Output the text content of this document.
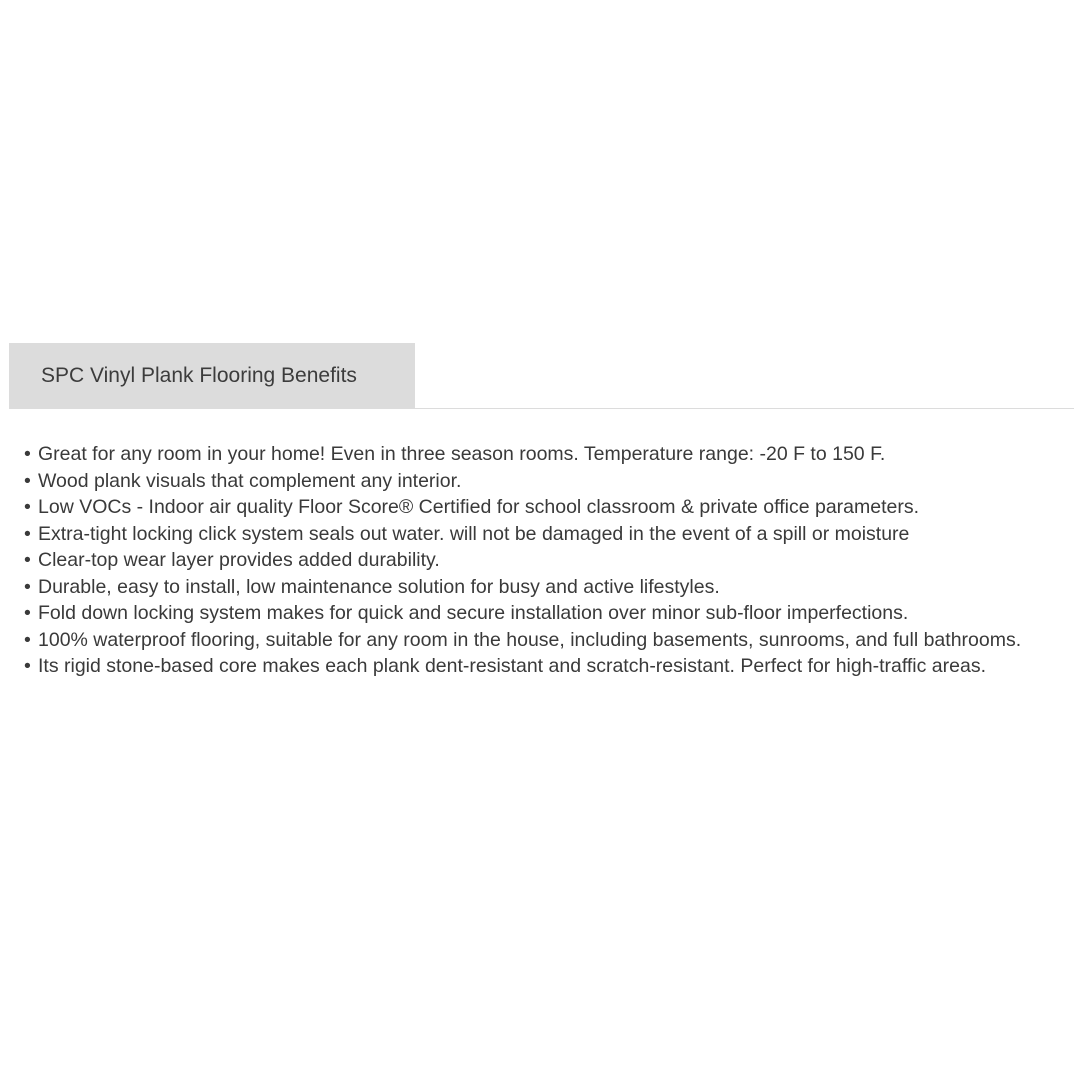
SPC Vinyl Plank Flooring Benefits
• Great for any room in your home! Even in three season rooms. Temperature range: -20 F to 150 F.
• Wood plank visuals that complement any interior.
• Low VOCs - Indoor air quality Floor Score® Certified for school classroom & private office parameters.
• Extra-tight locking click system seals out water. will not be damaged in the event of a spill or moisture
• Clear-top wear layer provides added durability.
• Durable, easy to install, low maintenance solution for busy and active lifestyles.
• Fold down locking system makes for quick and secure installation over minor sub-floor imperfections.
• 100% waterproof flooring, suitable for any room in the house, including basements, sunrooms, and full bathrooms.
• Its rigid stone-based core makes each plank dent-resistant and scratch-resistant. Perfect for high-traffic areas.
